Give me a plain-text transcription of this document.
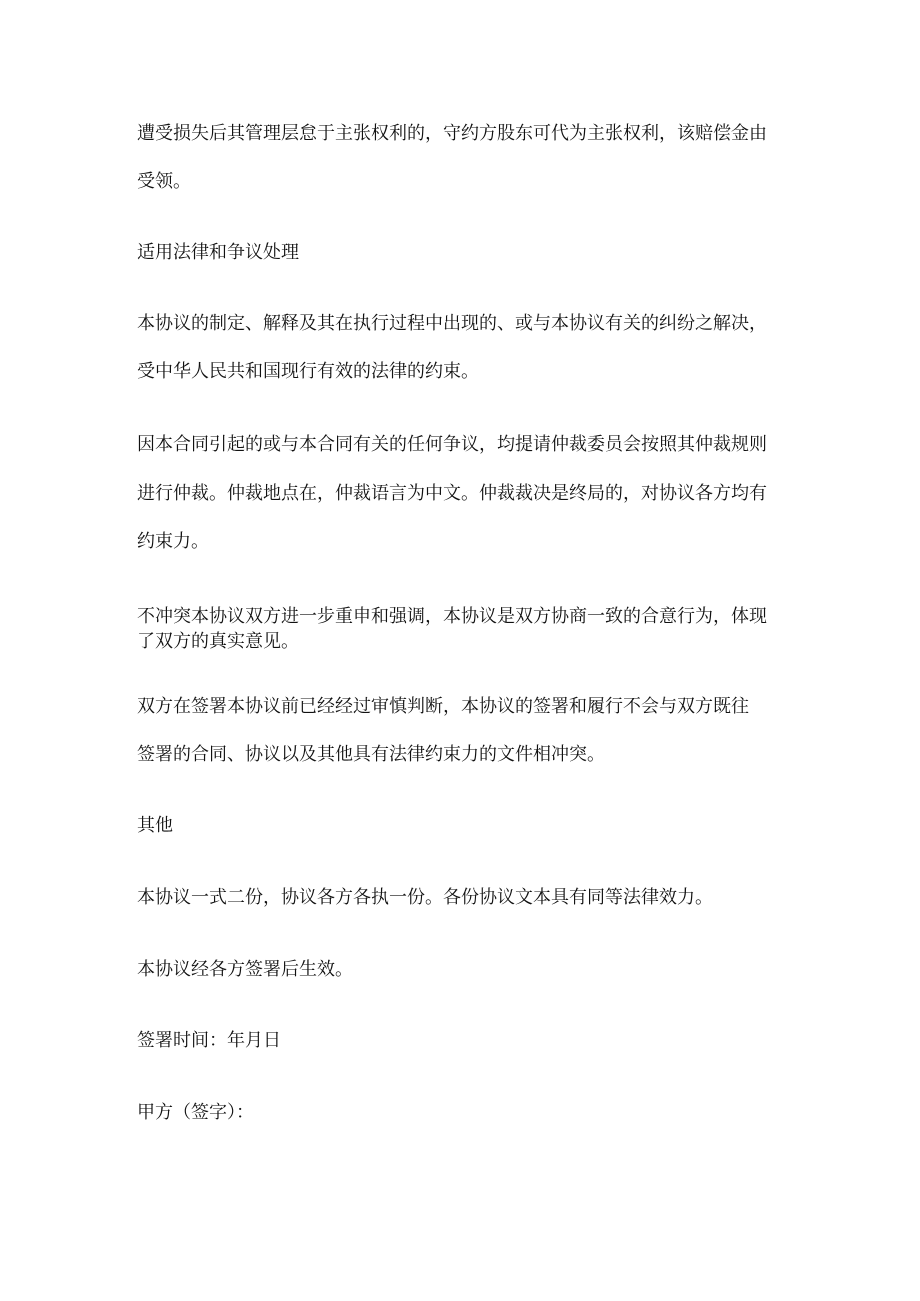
遭受损失后其管理层怠于主张权利的，守约方股东可代为主张权利，该赔偿金由
受领。
适用法律和争议处理
本协议的制定、解释及其在执行过程中出现的、或与本协议有关的纠纷之解决，
受中华人民共和国现行有效的法律的约束。
因本合同引起的或与本合同有关的任何争议，均提请仲裁委员会按照其仲裁规则
进行仲裁。仲裁地点在，仲裁语言为中文。仲裁裁决是终局的，对协议各方均有
约束力。
不冲突本协议双方进一步重申和强调，本协议是双方协商一致的合意行为，体现
了双方的真实意见。
双方在签署本协议前已经经过审慎判断，本协议的签署和履行不会与双方既往
签署的合同、协议以及其他具有法律约束力的文件相冲突。
其他
本协议一式二份，协议各方各执一份。各份协议文本具有同等法律效力。
本协议经各方签署后生效。
签署时间：年月日
甲方（签字）：
